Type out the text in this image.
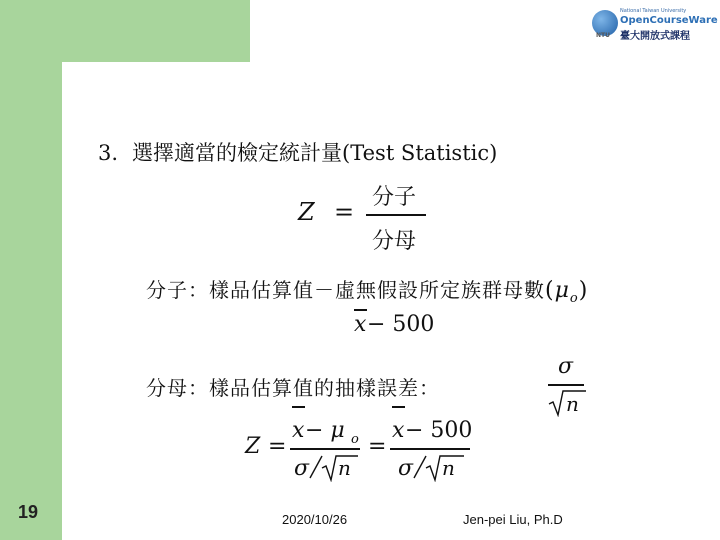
National Taiwan University
OpenCourseWare
NTU 臺大開放式課程
3. 選擇適當的檢定統計量(Test Statistic)
Z =
分子
分母
分子：樣品估算值－虛無假設所定族群母數$(\mu_o)$
x − 500
分母：樣品估算值的抽樣誤差：
σ
n
Z =
x − μ o
σ n
=
x − 500
σ n
19	2020/10/26	Jen-pei Liu, Ph.D
